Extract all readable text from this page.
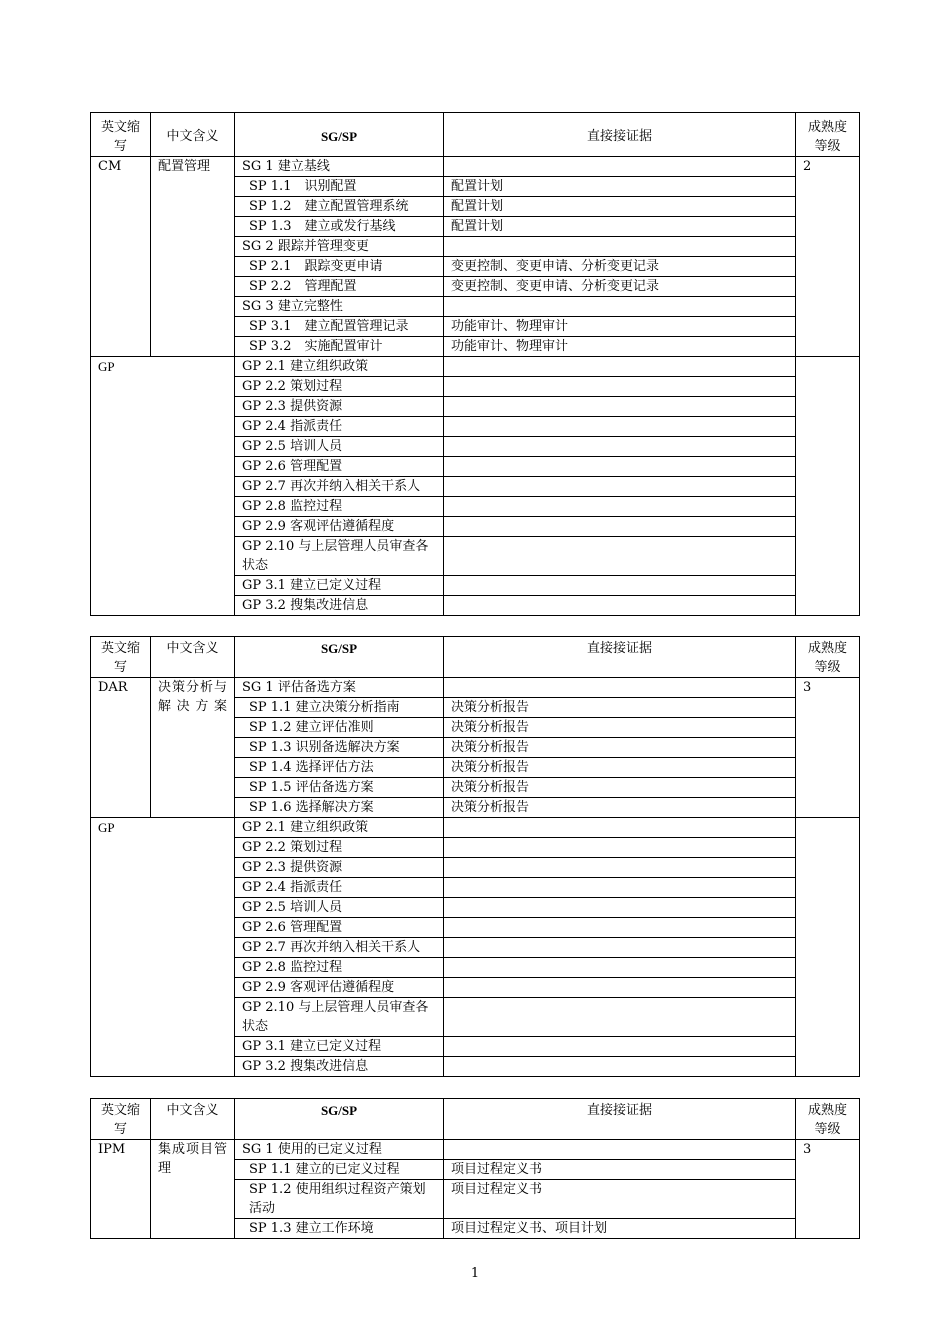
英文缩写	中文含义	SG/SP	直接接证据	成熟度等级
CM	配置管理	SG 1 建立基线		2
		SP 1.1　识别配置	配置计划	
		SP 1.2　建立配置管理系统	配置计划	
		SP 1.3　建立或发行基线	配置计划	
		SG 2 跟踪并管理变更		
		SP 2.1　跟踪变更申请	变更控制、变更申请、分析变更记录	
		SP 2.2　管理配置	变更控制、变更申请、分析变更记录	
		SG 3 建立完整性		
		SP 3.1　建立配置管理记录	功能审计、物理审计	
		SP 3.2　实施配置审计	功能审计、物理审计	
GP		GP 2.1 建立组织政策		
		GP 2.2 策划过程		
		GP 2.3 提供资源		
		GP 2.4 指派责任		
		GP 2.5 培训人员		
		GP 2.6 管理配置		
		GP 2.7 再次并纳入相关干系人		
		GP 2.8 监控过程		
		GP 2.9 客观评估遵循程度		
		GP 2.10 与上层管理人员审查各状态		
		GP 3.1 建立已定义过程		
		GP 3.2 搜集改进信息		
英文缩写	中文含义	SG/SP	直接接证据	成熟度等级
DAR	决策分析与解决方案	SG 1 评估备选方案		3
		SP 1.1 建立决策分析指南	决策分析报告	
		SP 1.2 建立评估准则	决策分析报告	
		SP 1.3 识别备选解决方案	决策分析报告	
		SP 1.4 选择评估方法	决策分析报告	
		SP 1.5 评估备选方案	决策分析报告	
		SP 1.6 选择解决方案	决策分析报告	
GP		GP 2.1 建立组织政策		
		GP 2.2 策划过程		
		GP 2.3 提供资源		
		GP 2.4 指派责任		
		GP 2.5 培训人员		
		GP 2.6 管理配置		
		GP 2.7 再次并纳入相关干系人		
		GP 2.8 监控过程		
		GP 2.9 客观评估遵循程度		
		GP 2.10 与上层管理人员审查各状态		
		GP 3.1 建立已定义过程		
		GP 3.2 搜集改进信息		
英文缩写	中文含义	SG/SP	直接接证据	成熟度等级
IPM	集成项目管理	SG 1 使用的已定义过程		3
		SP 1.1 建立的已定义过程	项目过程定义书	
		SP 1.2 使用组织过程资产策划活动	项目过程定义书	
		SP 1.3 建立工作环境	项目过程定义书、项目计划	
1
